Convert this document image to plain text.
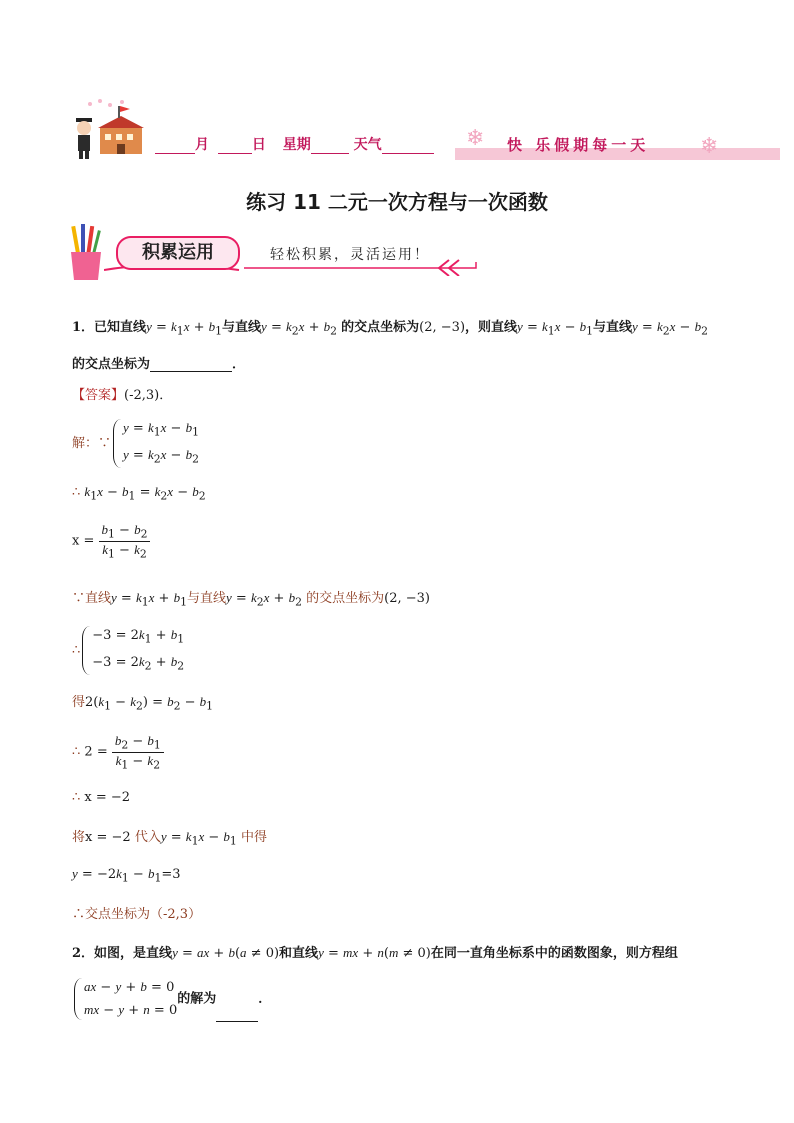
月	日 星期	天气	❄	❄
快 乐假期每一天
练习 11 二元一次方程与一次函数
积累运用	轻松积累，灵活运用！
1．已知直线$y = k_1x + b_1$与直线$y = k_2x + b_2$ 的交点坐标为(2, −3)，则直线$y = k_1x - b_1$与直线$y = k_2x - b_2$
的交点坐标为	．
【答案】(-2,3)．
解：∵
$y = k_1x - b_1$
$y = k_2x - b_2$
∴ $k_1x - b_1 = k_2x - b_2$
$x = \frac{b_1 - b_2}{k_1 - k_2}$
∵直线$y = k_1x + b_1$与直线$y = k_2x + b_2$ 的交点坐标为(2, −3)
∴
$-3 = 2k_1 + b_1$
$-3 = 2k_2 + b_2$
得$2(k_1 - k_2) = b_2 - b_1$
∴ $2 = \frac{b_2 - b_1}{k_1 - k_2}$
∴ x = −2
将x = −2 代入$y = k_1x - b_1$ 中得
$y = -2k_1 - b_1=3$
∴交点坐标为（-2,3）
2．如图，是直线y = ax + b(a ≠ 0)和直线y = mx + n(m ≠ 0)在同一直角坐标系中的函数图象，则方程组
ax − y + b = 0
mx − y + n = 0
的解为	．
